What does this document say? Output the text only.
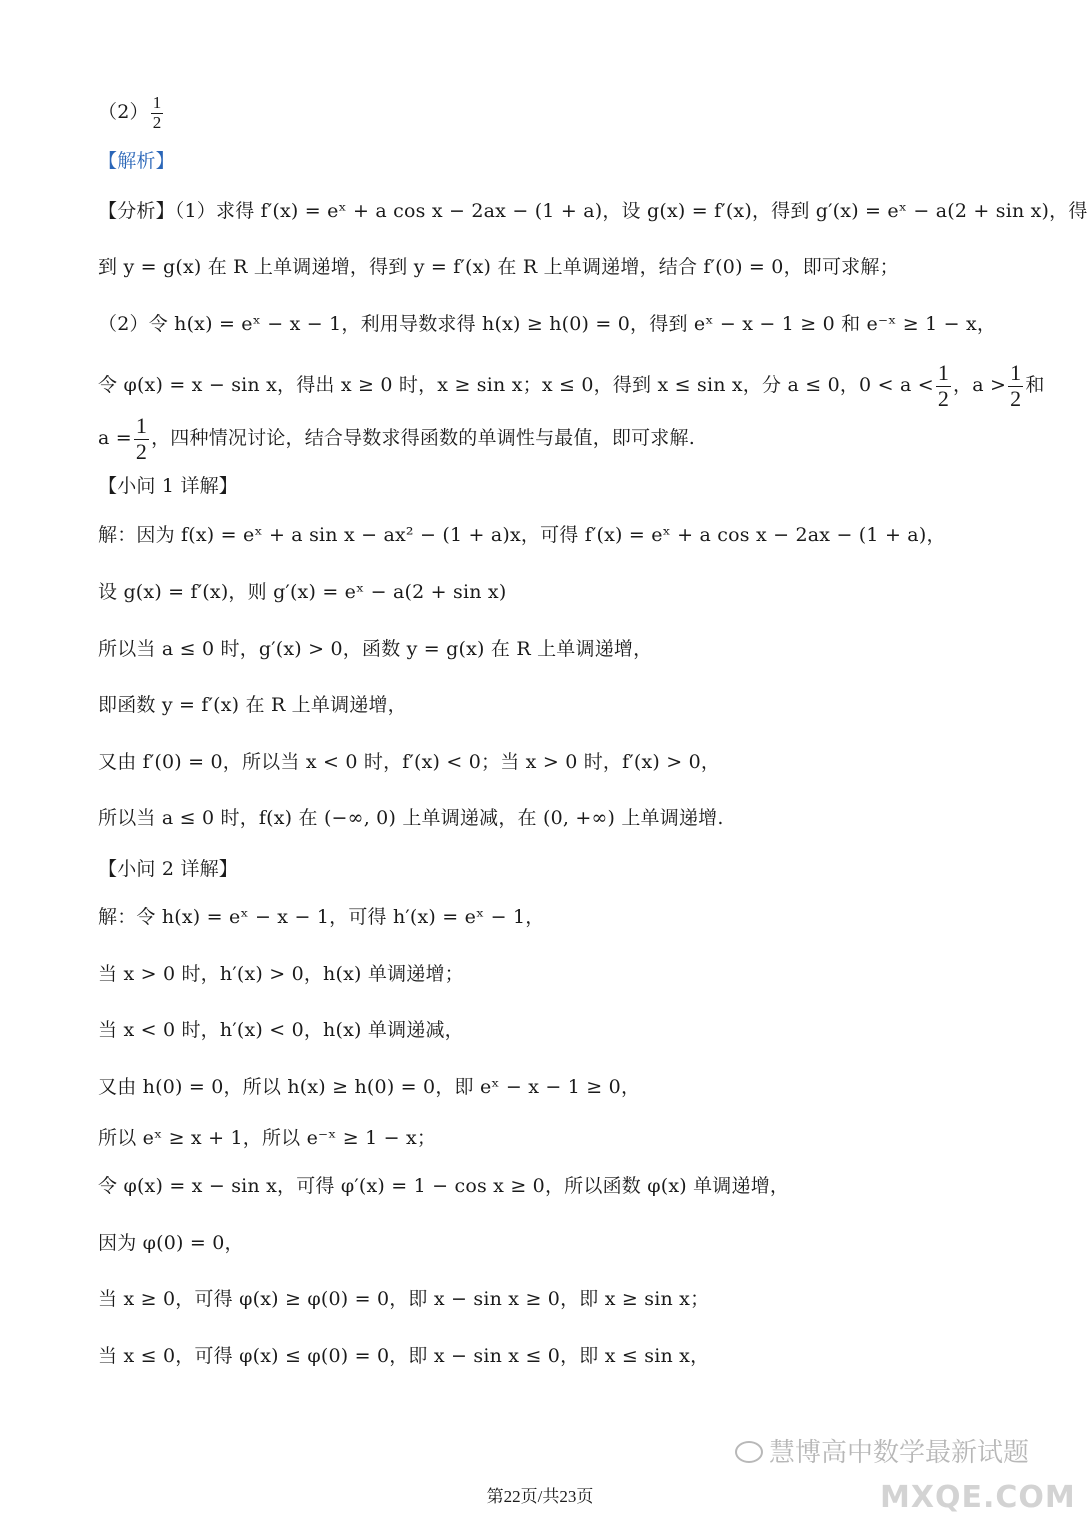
$(2) \frac{1}{2}$
【解析】
【分析】（1）求得 f′(x) = eˣ + a cos x − 2ax − (1 + a)，设 g(x) = f′(x)，得到 g′(x) = eˣ − a(2 + sin x)，得
到 y = g(x) 在 R 上单调递增，得到 y = f′(x) 在 R 上单调递增，结合 f′(0) = 0，即可求解；
（2）令 h(x) = eˣ − x − 1，利用导数求得 h(x) ≥ h(0) = 0，得到 eˣ − x − 1 ≥ 0 和 e⁻ˣ ≥ 1 − x，
令 φ(x) = x − sin x，得出 x ≥ 0 时，x ≥ sin x；x ≤ 0，得到 x ≤ sin x，分 a ≤ 0，$0 < a < \frac{1}{2}$ ，$a > \frac{1}{2}$ 和
$a = \frac{1}{2}$ ，四种情况讨论，结合导数求得函数的单调性与最值，即可求解.
【小问 1 详解】
解：因为 f(x) = eˣ + a sin x − ax² − (1 + a)x，可得 f′(x) = eˣ + a cos x − 2ax − (1 + a)，
设 g(x) = f′(x)，则 g′(x) = eˣ − a(2 + sin x)
所以当 a ≤ 0 时，g′(x) > 0，函数 y = g(x) 在 R 上单调递增，
即函数 y = f′(x) 在 R 上单调递增，
又由 f′(0) = 0，所以当 x < 0 时，f′(x) < 0；当 x > 0 时，f′(x) > 0，
所以当 a ≤ 0 时，f(x) 在 (−∞, 0) 上单调递减，在 (0, +∞) 上单调递增.
【小问 2 详解】
解：令 h(x) = eˣ − x − 1，可得 h′(x) = eˣ − 1，
当 x > 0 时，h′(x) > 0，h(x) 单调递增；
当 x < 0 时，h′(x) < 0，h(x) 单调递减，
又由 h(0) = 0，所以 h(x) ≥ h(0) = 0，即 eˣ − x − 1 ≥ 0，
所以 eˣ ≥ x + 1，所以 e⁻ˣ ≥ 1 − x；
令 φ(x) = x − sin x，可得 φ′(x) = 1 − cos x ≥ 0，所以函数 φ(x) 单调递增，
因为 φ(0) = 0，
当 x ≥ 0，可得 φ(x) ≥ φ(0) = 0，即 x − sin x ≥ 0，即 x ≥ sin x；
当 x ≤ 0，可得 φ(x) ≤ φ(0) = 0，即 x − sin x ≤ 0，即 x ≤ sin x，
慧博高中数学最新试题
第22页/共23页	MXQE.COM
